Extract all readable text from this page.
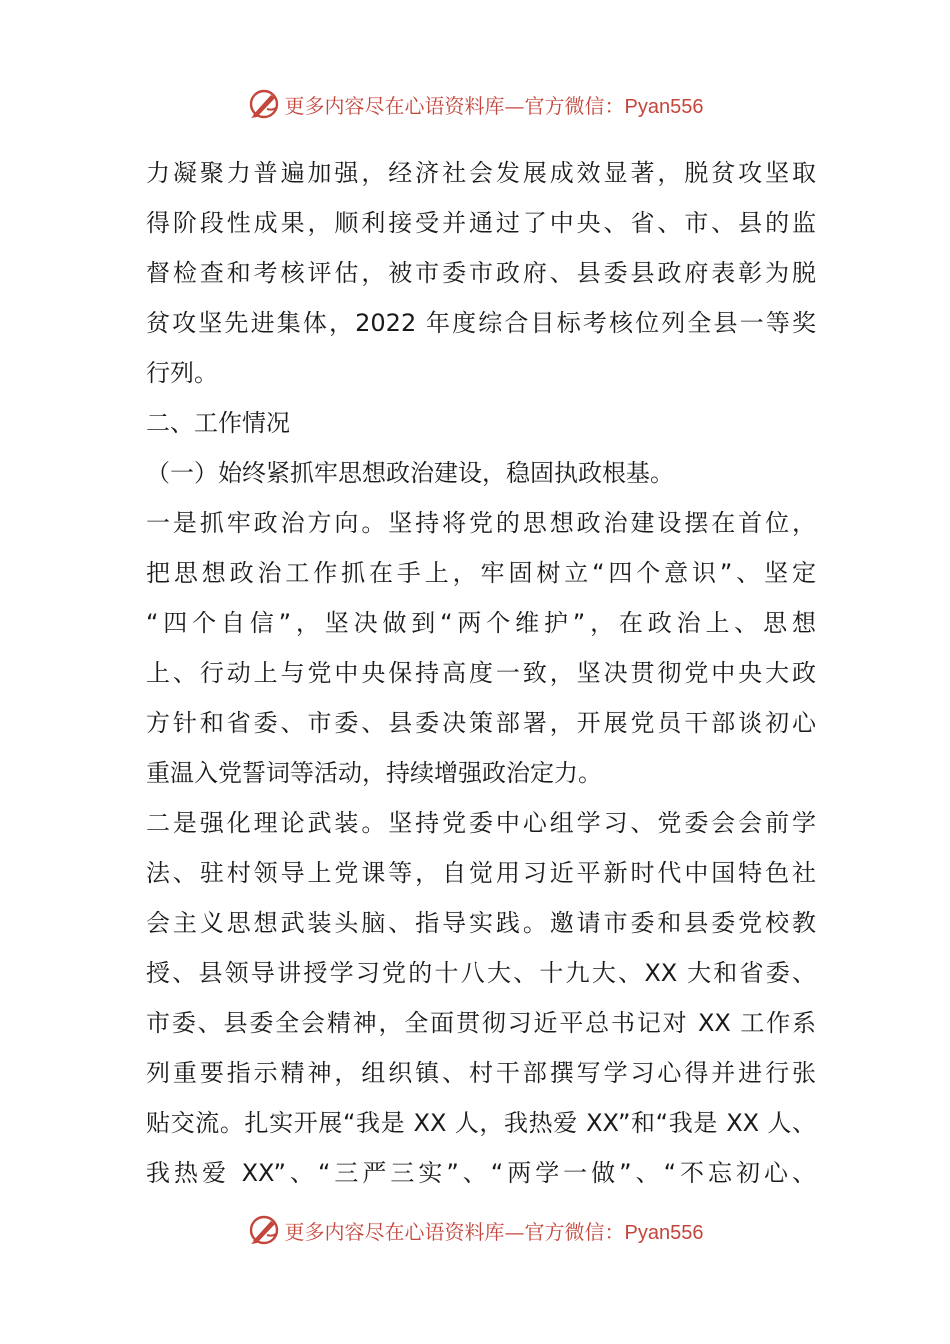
更多内容尽在心语资料库—官方微信：Pyan556
力凝聚力普遍加强，经济社会发展成效显著，脱贫攻坚取
得阶段性成果，顺利接受并通过了中央、省、市、县的监
督检查和考核评估，被市委市政府、县委县政府表彰为脱
贫攻坚先进集体，2022 年度综合目标考核位列全县一等奖
行列。
二、工作情况
（一）始终紧抓牢思想政治建设，稳固执政根基。
一是抓牢政治方向。坚持将党的思想政治建设摆在首位，
把思想政治工作抓在手上，牢固树立“四个意识”、坚定
“四个自信”，坚决做到“两个维护”，在政治上、思想
上、行动上与党中央保持高度一致，坚决贯彻党中央大政
方针和省委、市委、县委决策部署，开展党员干部谈初心
重温入党誓词等活动，持续增强政治定力。
二是强化理论武装。坚持党委中心组学习、党委会会前学
法、驻村领导上党课等，自觉用习近平新时代中国特色社
会主义思想武装头脑、指导实践。邀请市委和县委党校教
授、县领导讲授学习党的十八大、十九大、XX 大和省委、
市委、县委全会精神，全面贯彻习近平总书记对 XX 工作系
列重要指示精神，组织镇、村干部撰写学习心得并进行张
贴交流。扎实开展“我是 XX 人，我热爱 XX”和“我是 XX 人、
我热爱 XX”、“三严三实”、“两学一做”、“不忘初心、
更多内容尽在心语资料库—官方微信：Pyan556
